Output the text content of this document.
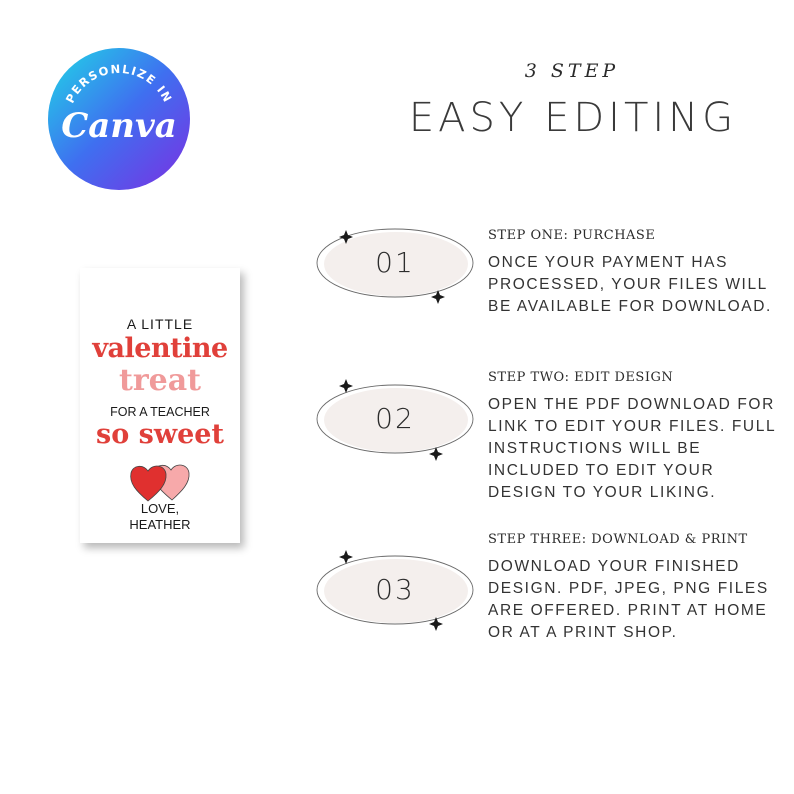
PERSONLIZE IN
Canva
3 STEP
EASY EDITING
A LITTLE
valentine
treat
FOR A TEACHER
so sweet
LOVE,
HEATHER
01
02
03
STEP ONE: PURCHASE
ONCE YOUR PAYMENT HAS PROCESSED, YOUR FILES WILL BE AVAILABLE FOR DOWNLOAD.
STEP TWO: EDIT DESIGN
OPEN THE PDF DOWNLOAD FOR LINK TO EDIT YOUR FILES. FULL INSTRUCTIONS WILL BE INCLUDED TO EDIT YOUR DESIGN TO YOUR LIKING.
STEP THREE: DOWNLOAD & PRINT
DOWNLOAD YOUR FINISHED DESIGN. PDF, JPEG, PNG FILES ARE OFFERED. PRINT AT HOME OR AT A PRINT SHOP.
